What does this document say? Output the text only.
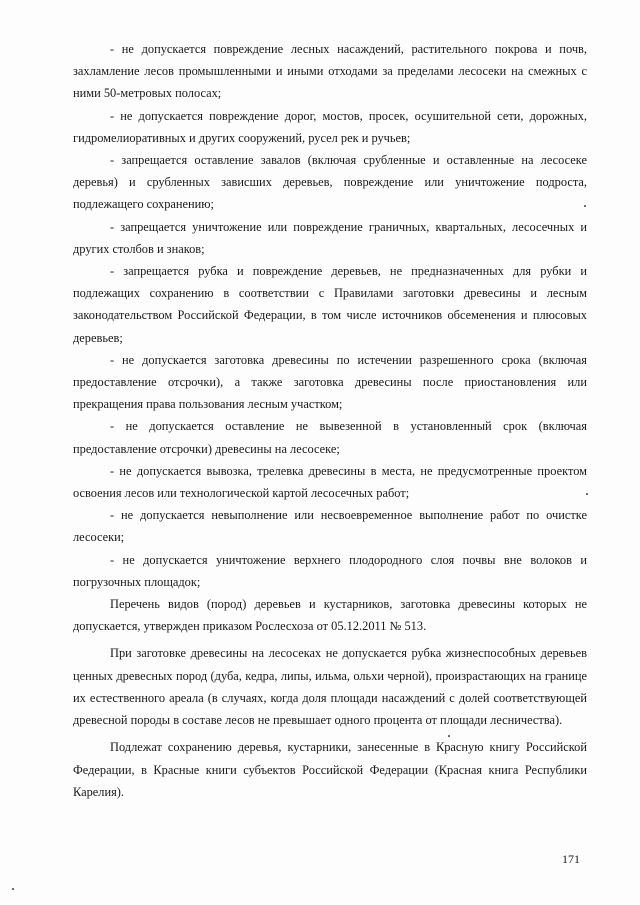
- не допускается повреждение лесных насаждений, растительного покрова и почв, захламление лесов промышленными и иными отходами за пределами лесосеки на смежных с ними 50-метровых полосах;

- не допускается повреждение дорог, мостов, просек, осушительной сети, дорожных, гидромелиоративных и других сооружений, русел рек и ручьев;

- запрещается оставление завалов (включая срубленные и оставленные на лесосеке деревья) и срубленных зависших деревьев, повреждение или уничтожение подроста, подлежащего сохранению;

- запрещается уничтожение или повреждение граничных, квартальных, лесосечных и других столбов и знаков;

- запрещается рубка и повреждение деревьев, не предназначенных для рубки и подлежащих сохранению в соответствии с Правилами заготовки древесины и лесным законодательством Российской Федерации, в том числе источников обсеменения и плюсовых деревьев;

- не допускается заготовка древесины по истечении разрешенного срока (включая предоставление отсрочки), а также заготовка древесины после приостановления или прекращения права пользования лесным участком;

- не допускается оставление не вывезенной в установленный срок (включая предоставление отсрочки) древесины на лесосеке;

- не допускается вывозка, трелевка древесины в места, не предусмотренные проектом освоения лесов или технологической картой лесосечных работ;

- не допускается невыполнение или несвоевременное выполнение работ по очистке лесосеки;

- не допускается уничтожение верхнего плодородного слоя почвы вне волоков и погрузочных площадок;

Перечень видов (пород) деревьев и кустарников, заготовка древесины которых не допускается, утвержден приказом Рослесхоза от 05.12.2011 № 513.

При заготовке древесины на лесосеках не допускается рубка жизнеспособных деревьев ценных древесных пород (дуба, кедра, липы, ильма, ольхи черной), произрастающих на границе их естественного ареала (в случаях, когда доля площади насаждений с долей соответствующей древесной породы в составе лесов не превышает одного процента от площади лесничества).

Подлежат сохранению деревья, кустарники, занесенные в Красную книгу Российской Федерации, в Красные книги субъектов Российской Федерации (Красная книга Республики Карелия).

171
